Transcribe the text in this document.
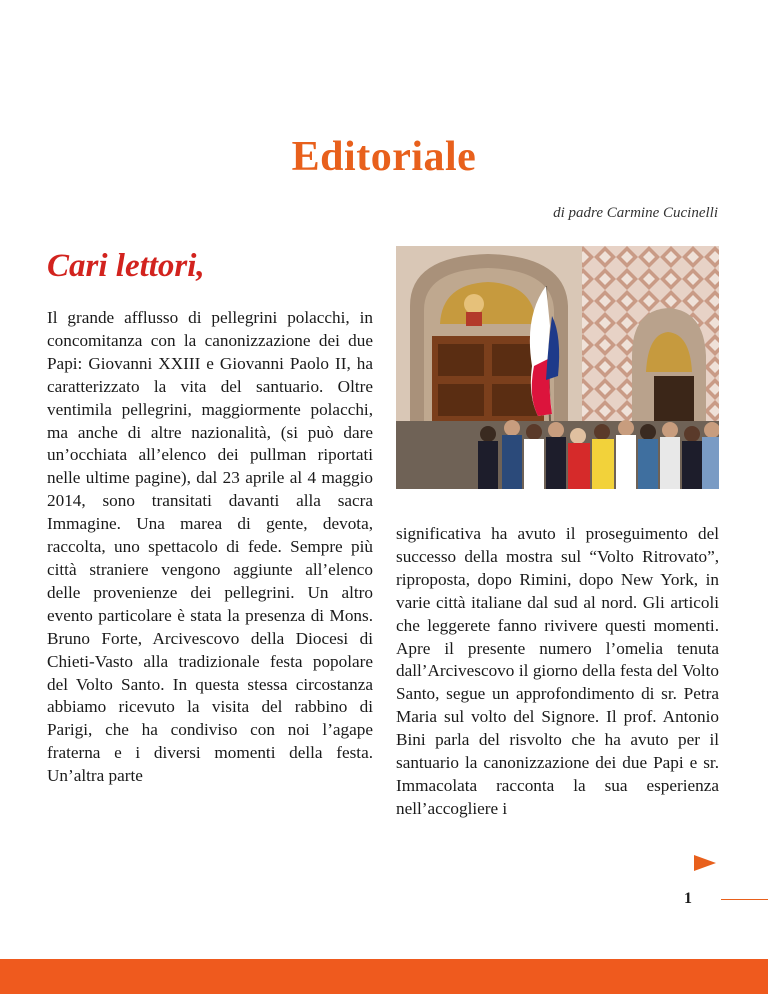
Editoriale
di padre Carmine Cucinelli
Cari lettori,
Il grande afflusso di pellegrini polacchi, in concomitanza con la canonizzazione dei due Papi: Giovanni XXIII e Giovanni Paolo II, ha caratterizzato la vita del santuario. Oltre ventimila pellegrini, maggiormente polacchi, ma anche di altre nazionalità, (si può dare un’occhiata all’elenco dei pullman riportati nelle ultime pagine), dal 23 aprile al 4 maggio 2014, sono transitati davanti alla sacra Immagine. Una marea di gente, devota, raccolta, uno spettacolo di fede. Sempre più città straniere vengono aggiunte all’elenco delle provenienze dei pellegrini. Un altro evento particolare è stata la presenza di Mons. Bruno Forte, Arcivescovo della Diocesi di Chieti-Vasto alla tradizionale festa popolare del Volto Santo. In questa stessa circostanza abbiamo ricevuto la visita del rabbino di Parigi, che ha condiviso con noi l’agape fraterna e i diversi momenti della festa. Un’altra parte
significativa ha avuto il proseguimento del successo della mostra sul “Volto Ritrovato”, riproposta, dopo Rimini, dopo New York, in varie città italiane dal sud al nord. Gli articoli che leggerete fanno rivivere questi momenti. Apre il presente numero l’omelia tenuta dall’Arcivescovo il giorno della festa del Volto Santo, segue un approfondimento di sr. Petra Maria sul volto del Signore. Il prof. Antonio Bini parla del risvolto che ha avuto per il santuario la canonizzazione dei due Papi e sr. Immacolata racconta la sua esperienza nell’accogliere i
1
